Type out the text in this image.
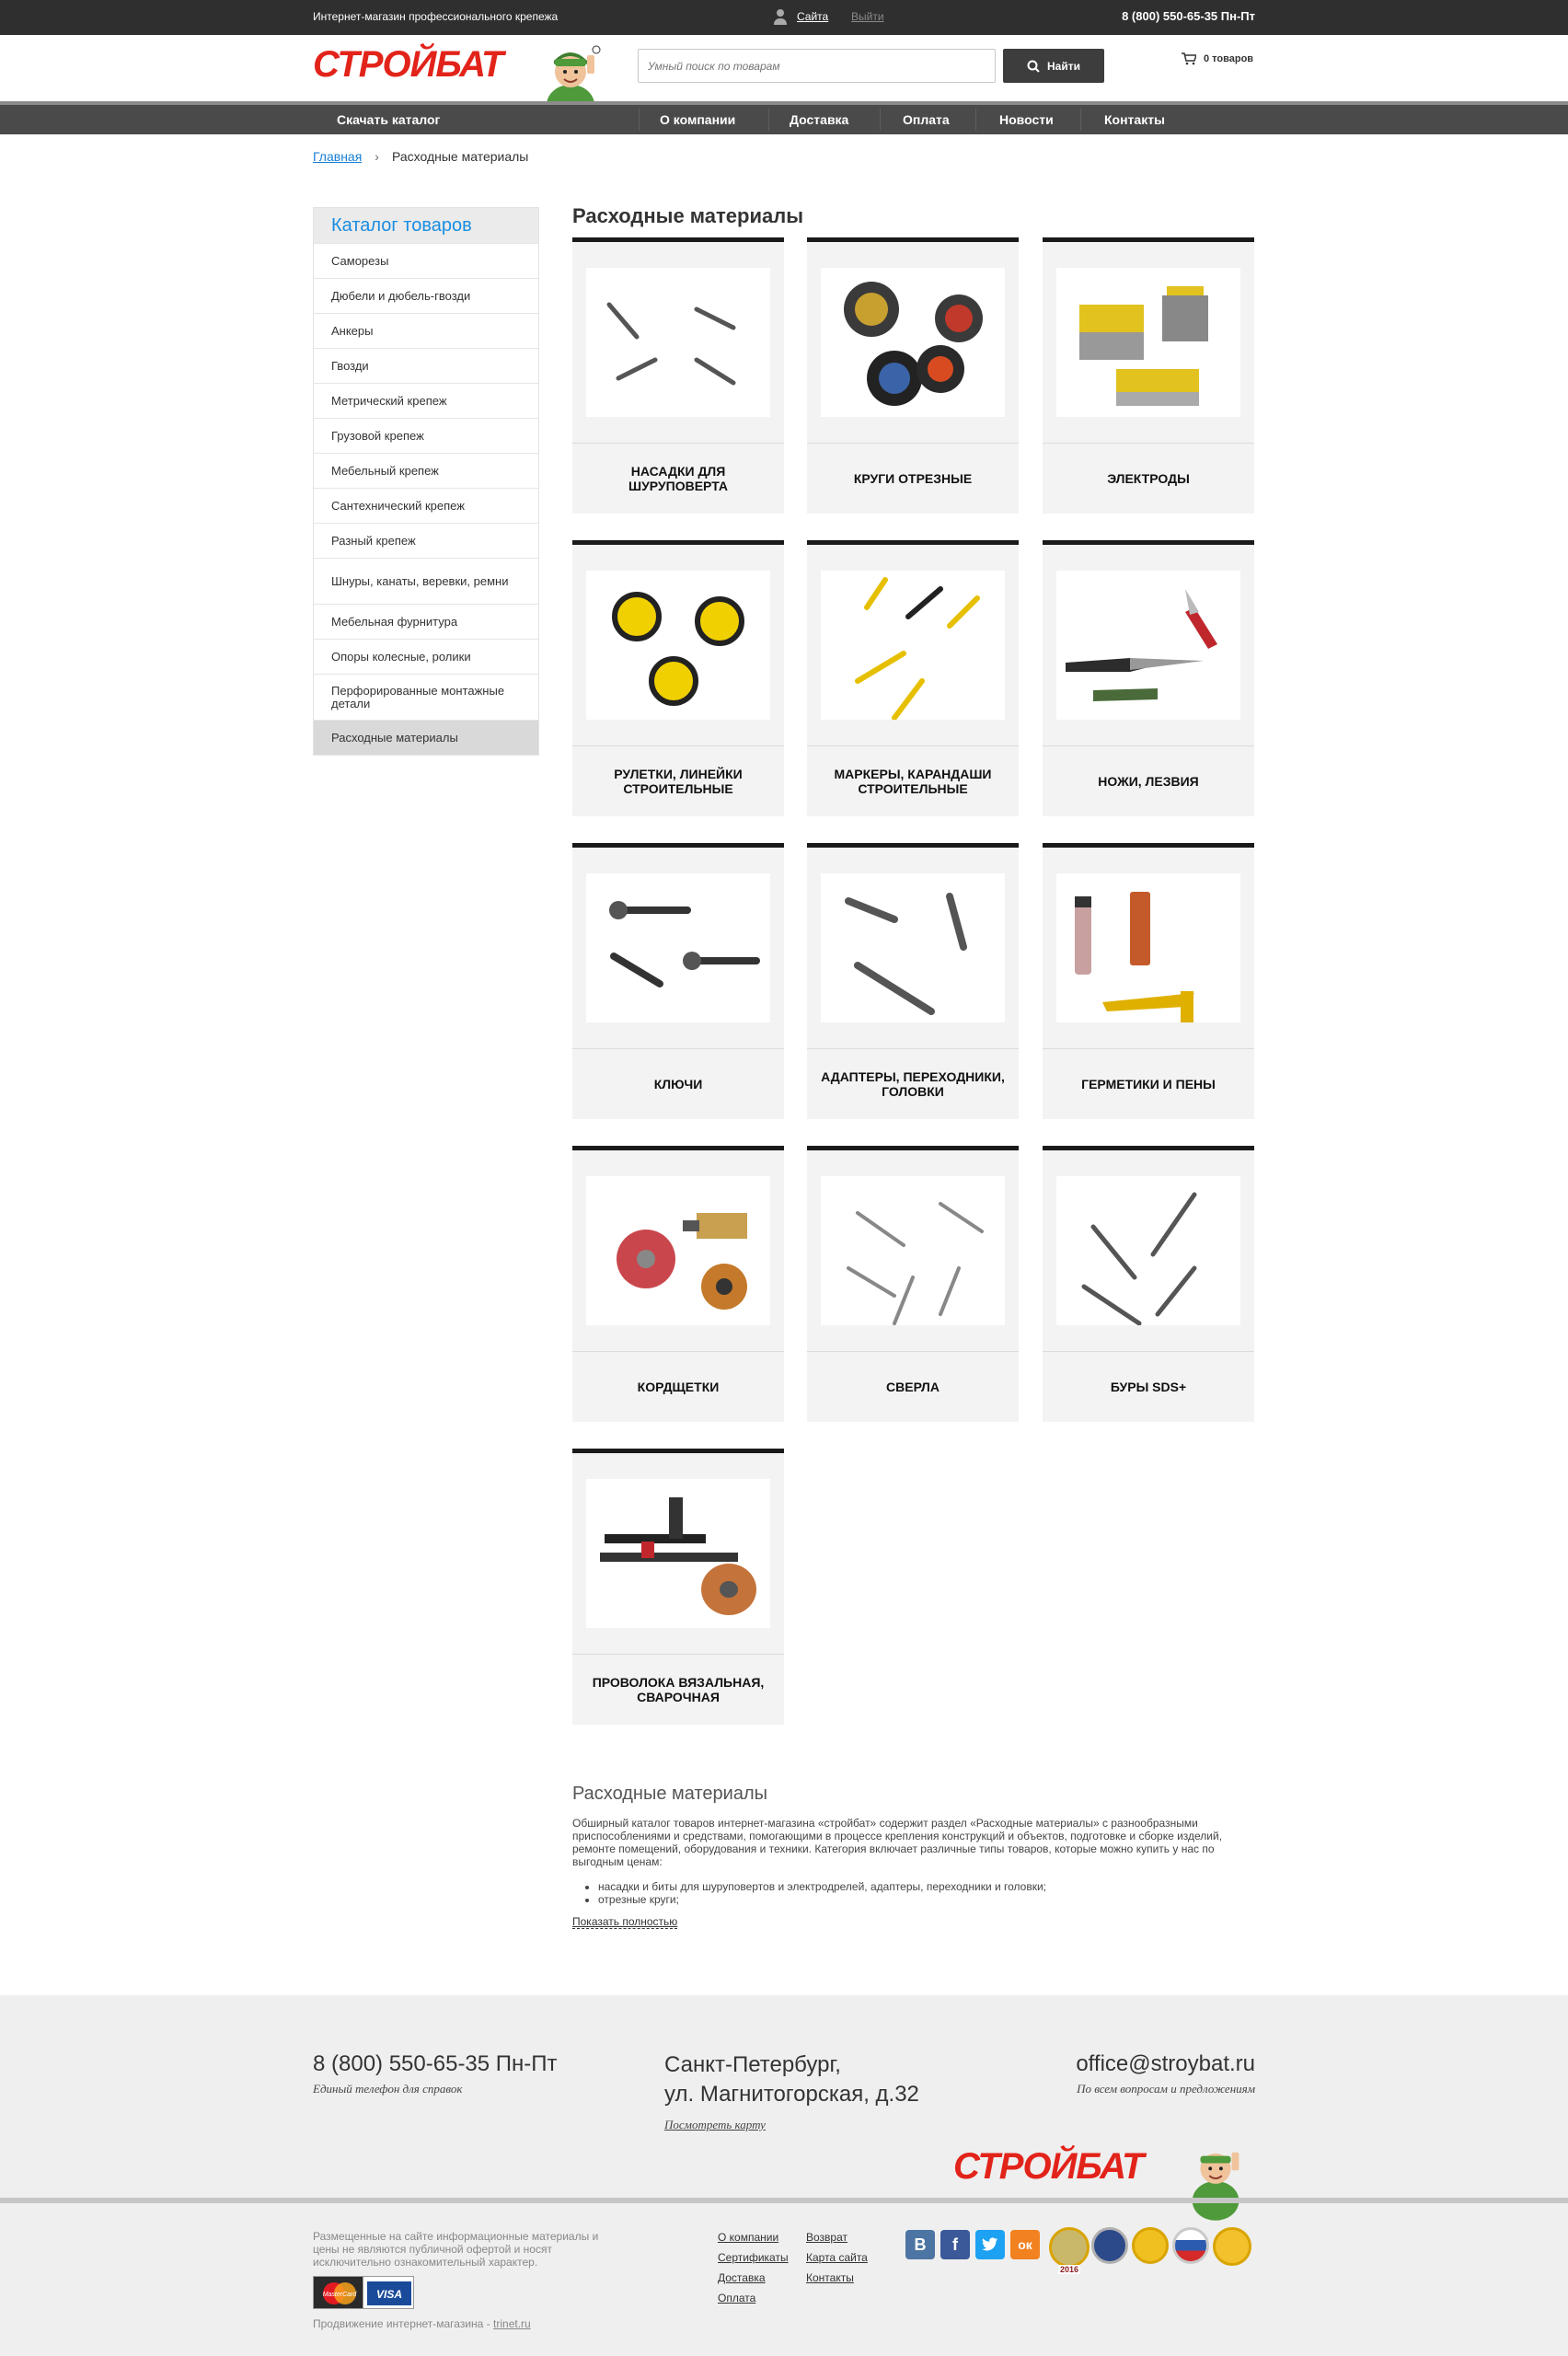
Интернет-магазин профессионального крепежа	Сайта Выйти	8 (800) 550-65-35 Пн-Пт
СТРОЙБАТ
Умный поиск по товарам	Найти
0 товаров
Скачать каталог	О компании	Доставка	Оплата	Новости	Контакты
Главная › Расходные материалы
Каталог товаров
Саморезы
Дюбели и дюбель-гвозди
Анкеры
Гвозди
Метрический крепеж
Грузовой крепеж
Мебельный крепеж
Сантехнический крепеж
Разный крепеж
Шнуры, канаты, веревки, ремни
Мебельная фурнитура
Опоры колесные, ролики
Перфорированные монтажные детали
Расходные материалы
Расходные материалы
НАСАДКИ ДЛЯ ШУРУПОВЕРТА	КРУГИ ОТРЕЗНЫЕ	ЭЛЕКТРОДЫ
РУЛЕТКИ, ЛИНЕЙКИ СТРОИТЕЛЬНЫЕ
МАРКЕРЫ, КАРАНДАШИ СТРОИТЕЛЬНЫЕ	НОЖИ, ЛЕЗВИЯ
КЛЮЧИ	АДАПТЕРЫ, ПЕРЕХОДНИКИ, ГОЛОВКИ	ГЕРМЕТИКИ И ПЕНЫ
КОРДЩЕТКИ	СВЕРЛА	БУРЫ SDS+
ПРОВОЛОКА ВЯЗАЛЬНАЯ, СВАРОЧНАЯ
Расходные материалы
Обширный каталог товаров интернет-магазина «стройбат» содержит раздел «Расходные материалы» с разнообразными приспособлениями и средствами, помогающими в процессе крепления конструкций и объектов, подготовке и сборке изделий, ремонте помещений, оборудования и техники. Категория включает различные типы товаров, которые можно купить у нас по выгодным ценам:
• насадки и биты для шуруповертов и электродрелей, адаптеры, переходники и головки;
• отрезные круги;
Показать полностью
8 (800) 550-65-35 Пн-Пт
Единый телефон для справок
Санкт-Петербург,
ул. Магнитогорская, д.32
Посмотреть карту
office@stroybat.ru
По всем вопросам и предложениям
СТРОЙБАТ
Размещенные на сайте информационные материалы и цены не являются публичной офертой и носят исключительно ознакомительный характер.
MasterCard VISA
Продвижение интернет-магазина - trinet.ru
О компании
Сертификаты
Доставка
Оплата
Возврат
Карта сайта
Контакты
В	f	ок
2016
